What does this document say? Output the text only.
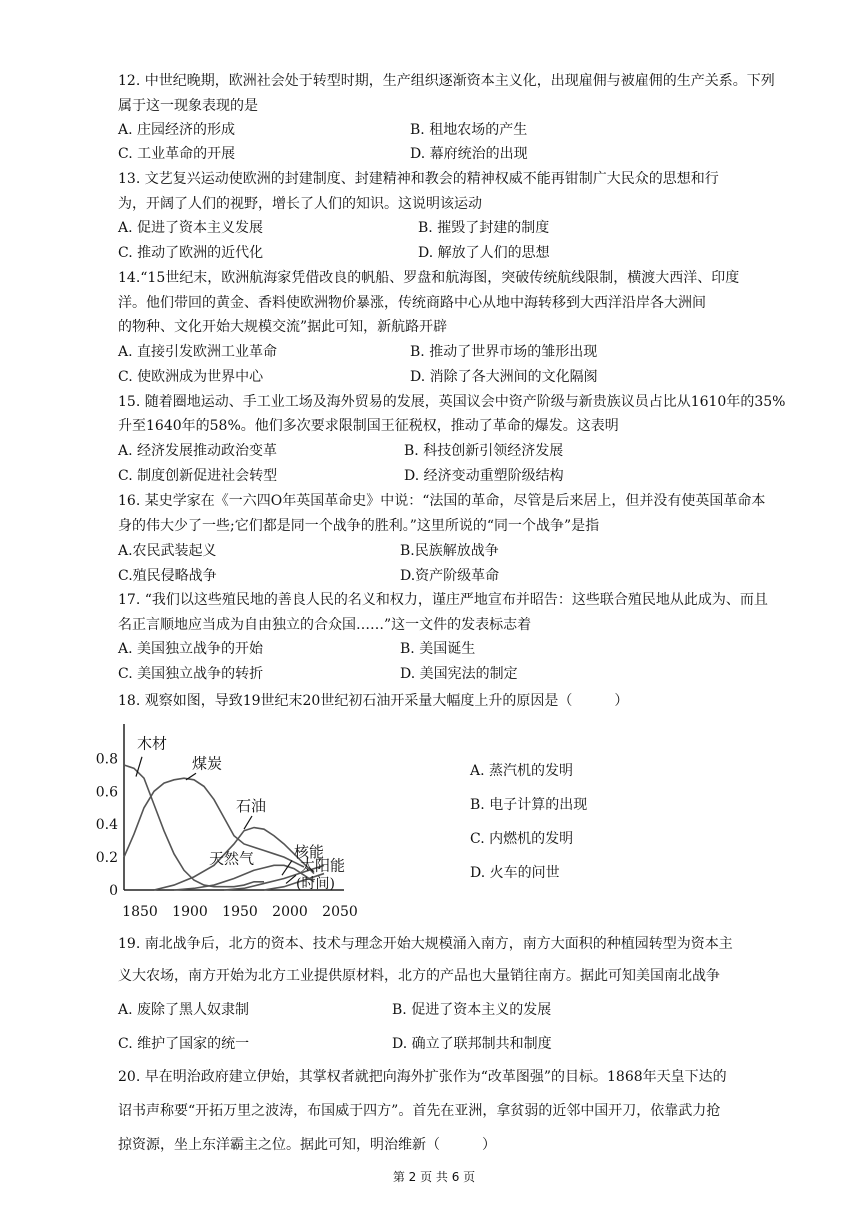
12. 中世纪晚期，欧洲社会处于转型时期，生产组织逐渐资本主义化，出现雇佣与被雇佣的生产关系。下列
属于这一现象表现的是
A. 庄园经济的形成	B. 租地农场的产生
C. 工业革命的开展	D. 幕府统治的出现
13. 文艺复兴运动使欧洲的封建制度、封建精神和教会的精神权威不能再钳制广大民众的思想和行
为，开阔了人们的视野，增长了人们的知识。这说明该运动
A. 促进了资本主义发展	B. 摧毁了封建的制度
C. 推动了欧洲的近代化	D. 解放了人们的思想
14.“15世纪末，欧洲航海家凭借改良的帆船、罗盘和航海图，突破传统航线限制，横渡大西洋、印度
洋。他们带回的黄金、香料使欧洲物价暴涨，传统商路中心从地中海转移到大西洋沿岸各大洲间
的物种、文化开始大规模交流”据此可知，新航路开辟
A. 直接引发欧洲工业革命	B. 推动了世界市场的雏形出现
C. 使欧洲成为世界中心	D. 消除了各大洲间的文化隔阂
15. 随着圈地运动、手工业工场及海外贸易的发展，英国议会中资产阶级与新贵族议员占比从1610年的35%
升至1640年的58%。他们多次要求限制国王征税权，推动了革命的爆发。这表明
A. 经济发展推动政治变革	B. 科技创新引领经济发展
C. 制度创新促进社会转型	D. 经济变动重塑阶级结构
16. 某史学家在《一六四O年英国革命史》中说：“法国的革命，尽管是后来居上，但并没有使英国革命本
身的伟大少了一些;它们都是同一个战争的胜利。”这里所说的“同一个战争”是指
A.农民武装起义	B.民族解放战争
C.殖民侵略战争	D.资产阶级革命
17. “我们以这些殖民地的善良人民的名义和权力，谨庄严地宣布并昭告：这些联合殖民地从此成为、而且
名正言顺地应当成为自由独立的合众国……”这一文件的发表标志着
A. 美国独立战争的开始	B. 美国诞生
C. 美国独立战争的转折	D. 美国宪法的制定
18. 观察如图，导致19世纪末20世纪初石油开采量大幅度上升的原因是（　　　）
0
0.2
0.4
0.6
0.8
1850 1900 1950 2000 2050
木材
煤炭
石油
天然气	核能
太阳能
(时间)
A. 蒸汽机的发明
B. 电子计算的出现
C. 内燃机的发明
D. 火车的问世
19. 南北战争后，北方的资本、技术与理念开始大规模涌入南方，南方大面积的种植园转型为资本主
义大农场，南方开始为北方工业提供原材料，北方的产品也大量销往南方。据此可知美国南北战争
A. 废除了黑人奴隶制	B. 促进了资本主义的发展
C. 维护了国家的统一	D. 确立了联邦制共和制度
20. 早在明治政府建立伊始，其掌权者就把向海外扩张作为“改革图强”的目标。1868年天皇下达的
诏书声称要“开拓万里之波涛，布国威于四方”。首先在亚洲，拿贫弱的近邻中国开刀，依靠武力抢
掠资源，坐上东洋霸主之位。据此可知，明治维新（　　　）
第 2 页 共 6 页
